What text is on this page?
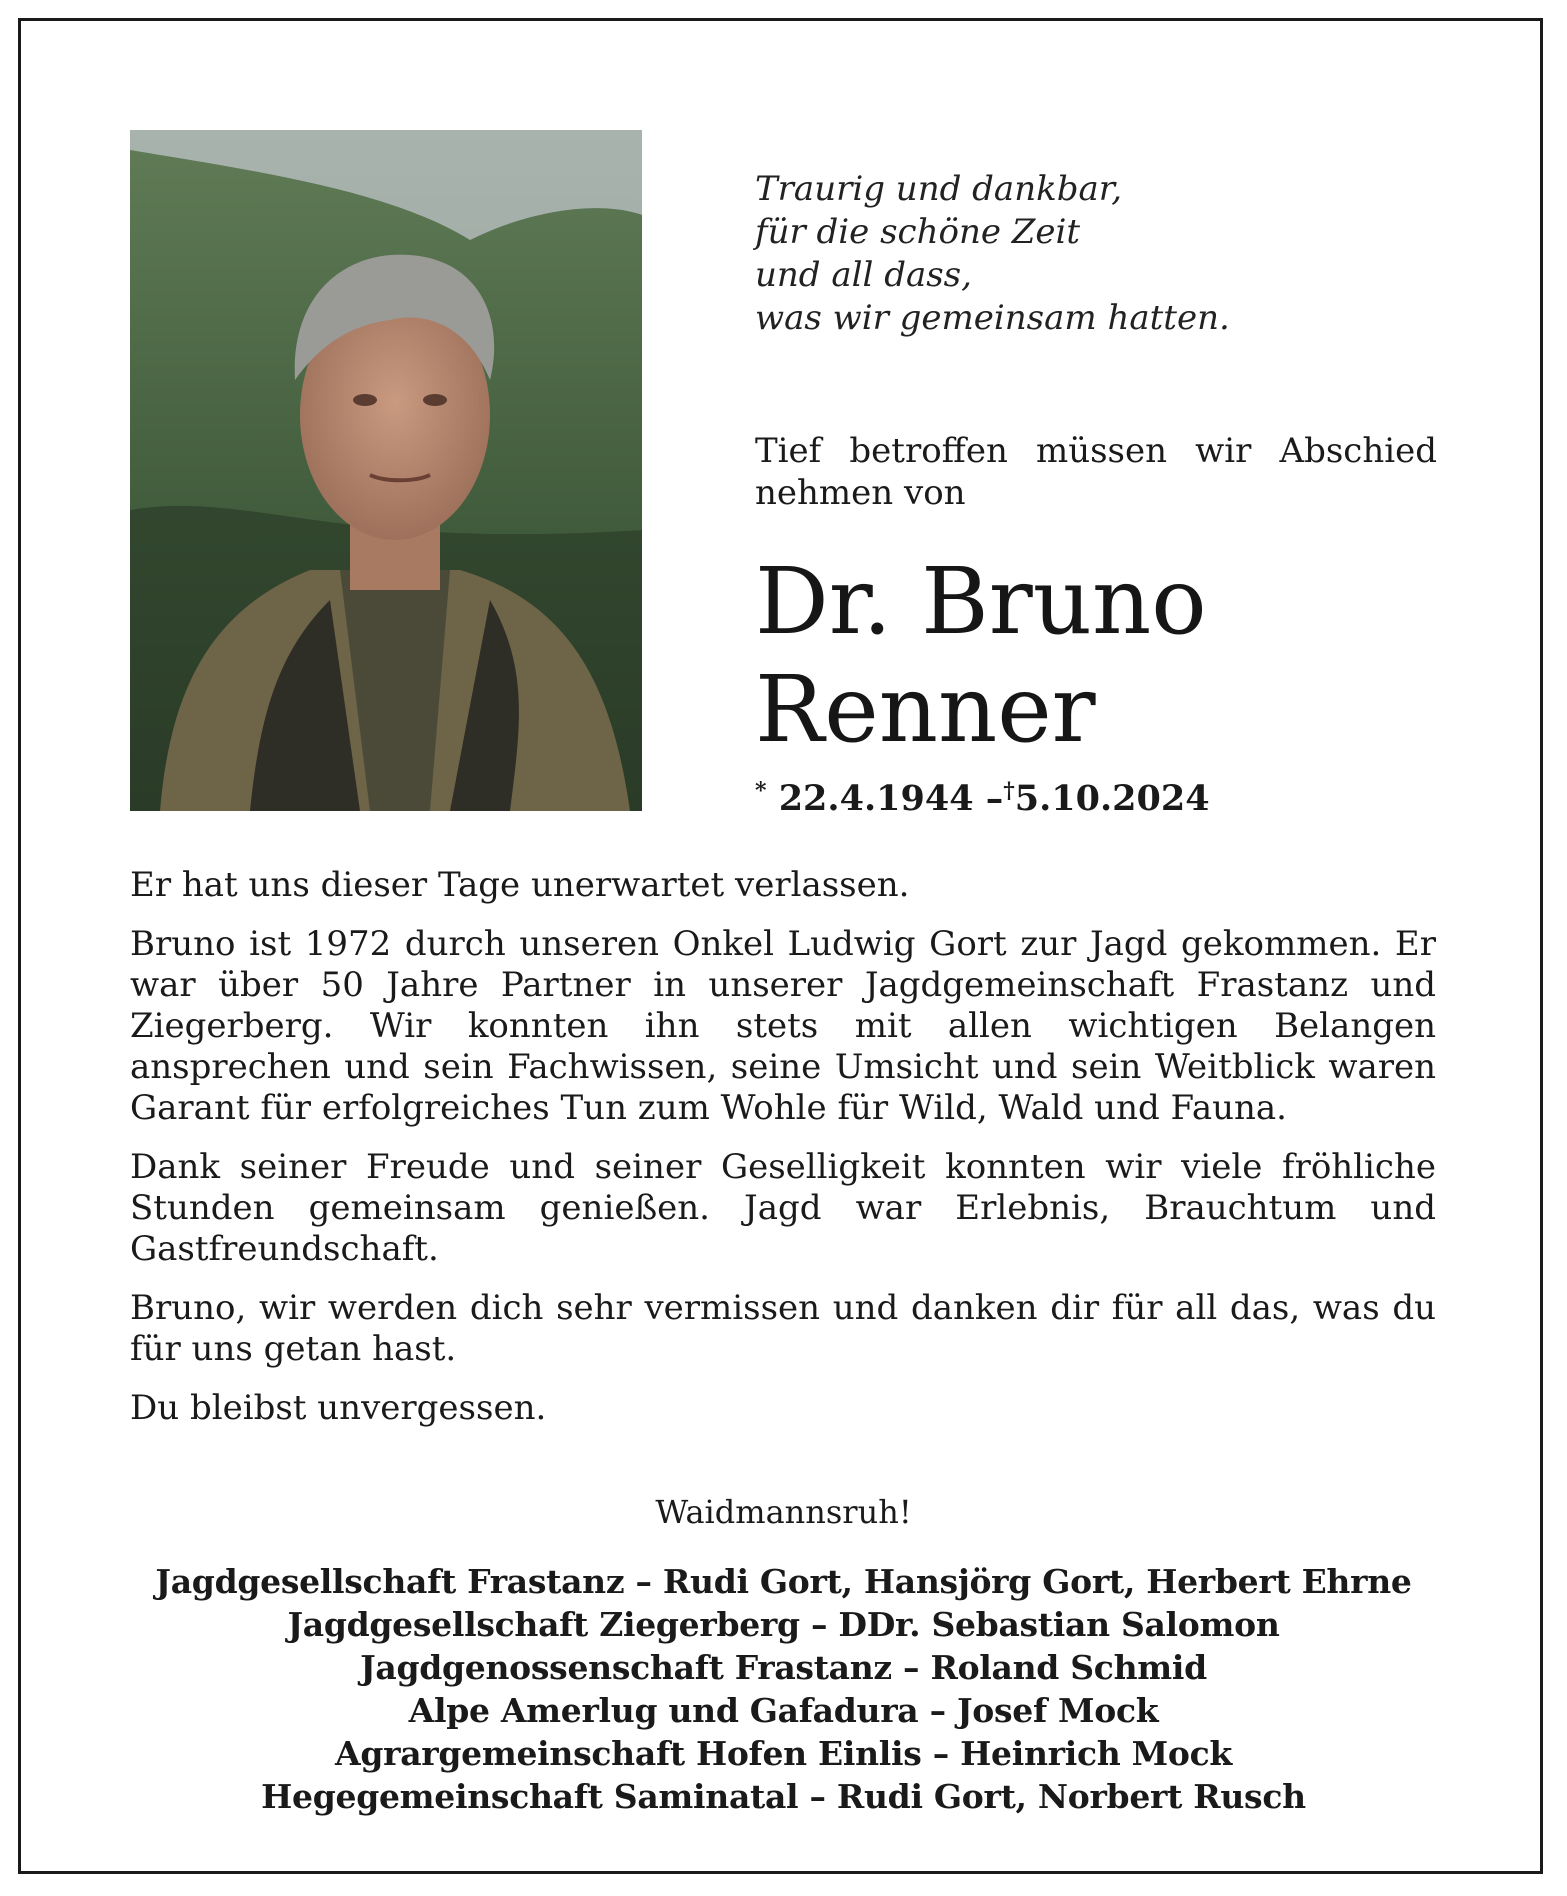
Traurig und dankbar,
für die schöne Zeit
und all dass,
was wir gemeinsam hatten.
Tief betroffen müssen wir Abschied nehmen von
Dr. Bruno
Renner
* 22.4.1944 –†5.10.2024

Er hat uns dieser Tage unerwartet verlassen.

Bruno ist 1972 durch unseren Onkel Ludwig Gort zur Jagd gekommen. Er war über 50 Jahre Partner in unserer Jagdgemeinschaft Frastanz und Ziegerberg. Wir konnten ihn stets mit allen wichtigen Belangen ansprechen und sein Fachwissen, seine Umsicht und sein Weitblick waren Garant für erfolgreiches Tun zum Wohle für Wild, Wald und Fauna.

Dank seiner Freude und seiner Geselligkeit konnten wir viele fröhliche Stunden gemeinsam genießen. Jagd war Erlebnis, Brauchtum und Gastfreundschaft.

Bruno, wir werden dich sehr vermissen und danken dir für all das, was du für uns getan hast.

Du bleibst unvergessen.

Waidmannsruh!
Jagdgesellschaft Frastanz – Rudi Gort, Hansjörg Gort, Herbert Ehrne
Jagdgesellschaft Ziegerberg – DDr. Sebastian Salomon
Jagdgenossenschaft Frastanz – Roland Schmid
Alpe Amerlug und Gafadura – Josef Mock
Agrargemeinschaft Hofen Einlis – Heinrich Mock
Hegegemeinschaft Saminatal – Rudi Gort, Norbert Rusch
